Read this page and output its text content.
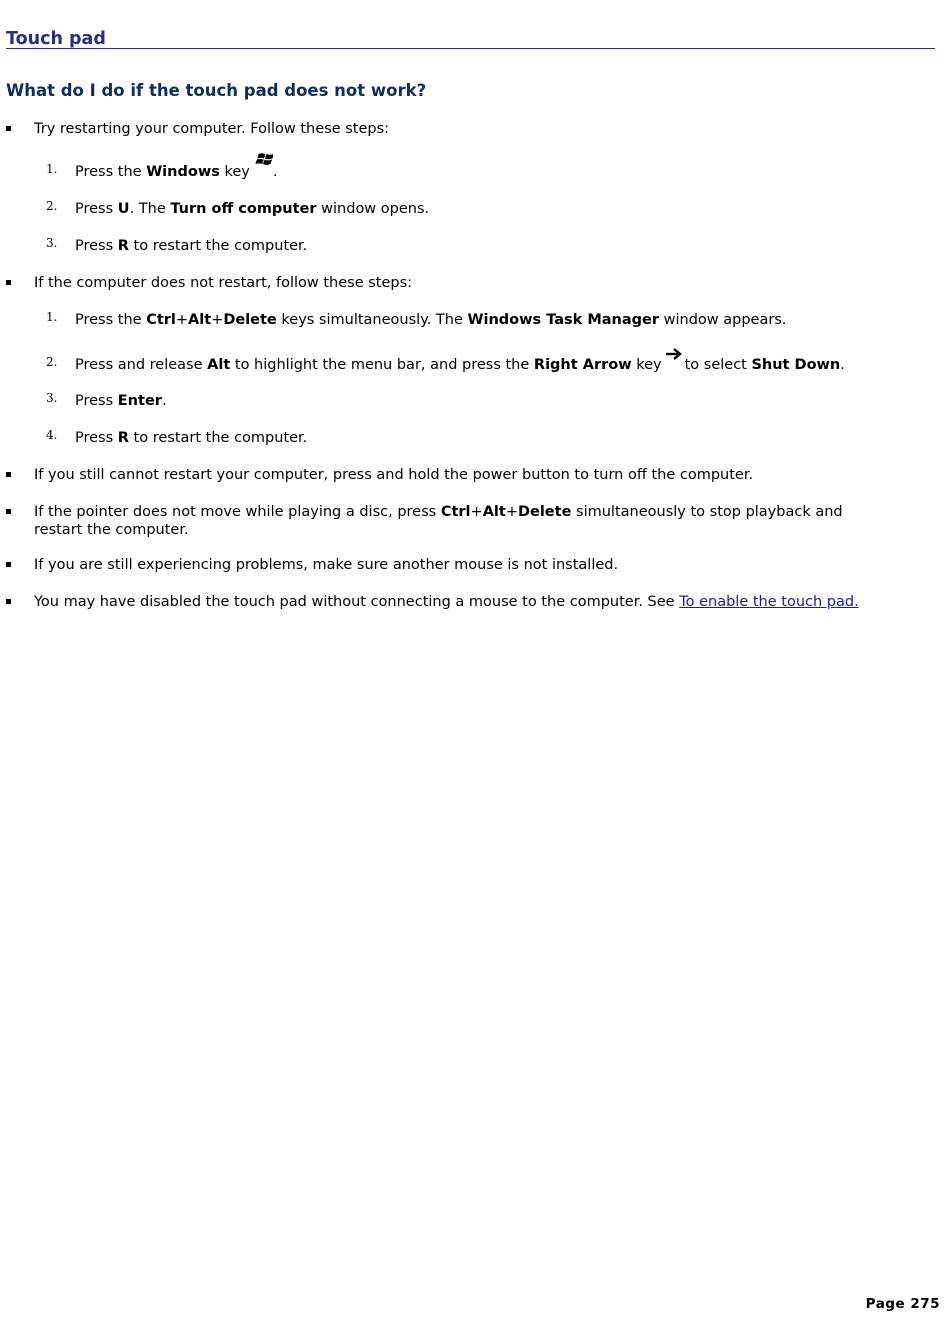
Touch pad
What do I do if the touch pad does not work?
Try restarting your computer. Follow these steps:
1. Press the Windows key .
2. Press U. The Turn off computer window opens.
3. Press R to restart the computer.
If the computer does not restart, follow these steps:
1. Press the Ctrl+Alt+Delete keys simultaneously. The Windows Task Manager window appears.
2. Press and release Alt to highlight the menu bar, and press the Right Arrow key to select Shut Down.
3. Press Enter.
4. Press R to restart the computer.
If you still cannot restart your computer, press and hold the power button to turn off the computer.
If the pointer does not move while playing a disc, press Ctrl+Alt+Delete simultaneously to stop playback and restart the computer.
If you are still experiencing problems, make sure another mouse is not installed.
You may have disabled the touch pad without connecting a mouse to the computer. See To enable the touch pad.
Page 275
